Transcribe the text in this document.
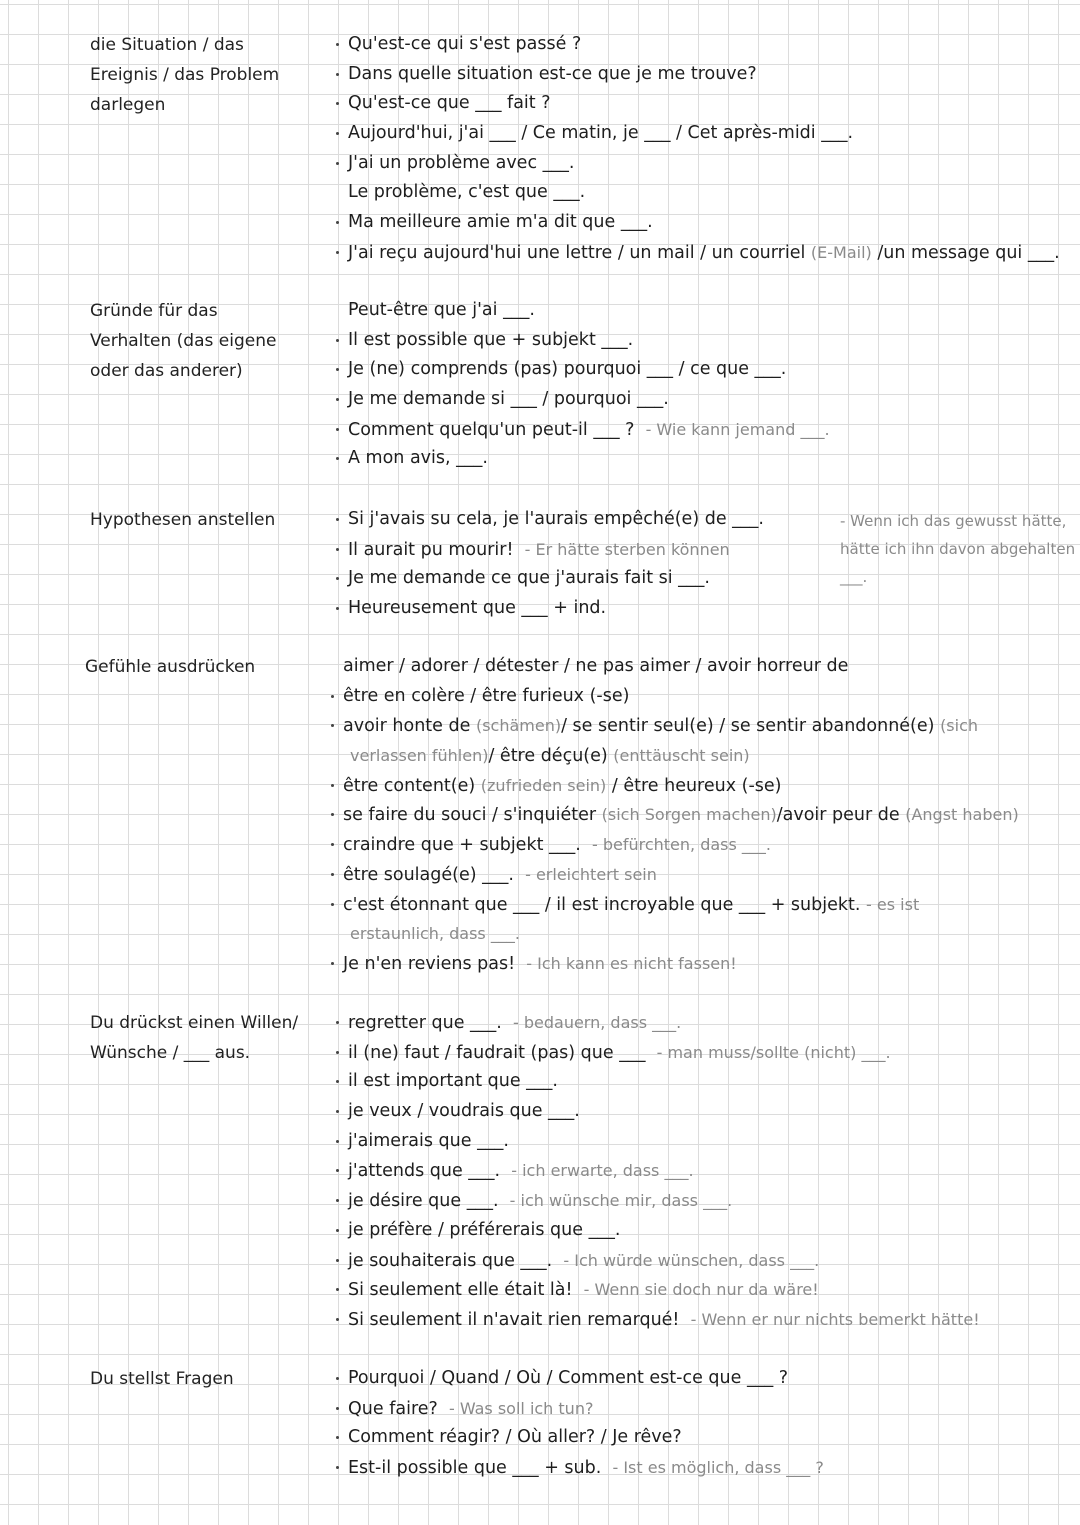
die Situation / das
Ereignis / das Problem
darlegen
Qu'est-ce qui s'est passé ?
Dans quelle situation est-ce que je me trouve?
Qu'est-ce que ___ fait ?
Aujourd'hui, j'ai ___ / Ce matin, je ___ / Cet après-midi ___.
J'ai un problème avec ___.
Le problème, c'est que ___.
Ma meilleure amie m'a dit que ___.
J'ai reçu aujourd'hui une lettre / un mail / un courriel (E-Mail) /un message qui ___.
Gründe für das
Verhalten (das eigene
oder das anderer)
Peut-être que j'ai ___.
Il est possible que + subjekt ___.
Je (ne) comprends (pas) pourquoi ___ / ce que ___.
Je me demande si ___ / pourquoi ___.
Comment quelqu'un peut-il ___ ? - Wie kann jemand ___.
A mon avis, ___.
Hypothesen anstellen	Si j'avais su cela, je l'aurais empêché(e) de ___.
Il aurait pu mourir! - Er hätte sterben können
Je me demande ce que j'aurais fait si ___.
Heureusement que ___ + ind.
- Wenn ich das gewusst hätte,
hätte ich ihn davon abgehalten
___.
Gefühle ausdrücken	aimer / adorer / détester / ne pas aimer / avoir horreur de
être en colère / être furieux (-se)
avoir honte de (schämen)/ se sentir seul(e) / se sentir abandonné(e) (sich
verlassen fühlen)/ être déçu(e) (enttäuscht sein)
être content(e) (zufrieden sein) / être heureux (-se)
se faire du souci / s'inquiéter (sich Sorgen machen)/avoir peur de (Angst haben)
craindre que + subjekt ___. - befürchten, dass ___.
être soulagé(e) ___. - erleichtert sein
c'est étonnant que ___ / il est incroyable que ___ + subjekt. - es ist
erstaunlich, dass ___.
Je n'en reviens pas! - Ich kann es nicht fassen!
Du drückst einen Willen/
Wünsche / ___ aus.
regretter que ___. - bedauern, dass ___.
il (ne) faut / faudrait (pas) que ___ - man muss/sollte (nicht) ___.
il est important que ___.
je veux / voudrais que ___.
j'aimerais que ___.
j'attends que ___. - ich erwarte, dass ___.
je désire que ___. - ich wünsche mir, dass ___.
je préfère / préférerais que ___.
je souhaiterais que ___. - Ich würde wünschen, dass ___.
Si seulement elle était là! - Wenn sie doch nur da wäre!
Si seulement il n'avait rien remarqué! - Wenn er nur nichts bemerkt hätte!
Du stellst Fragen	Pourquoi / Quand / Où / Comment est-ce que ___ ?
Que faire? - Was soll ich tun?
Comment réagir? / Où aller? / Je rêve?
Est-il possible que ___ + sub. - Ist es möglich, dass ___ ?
